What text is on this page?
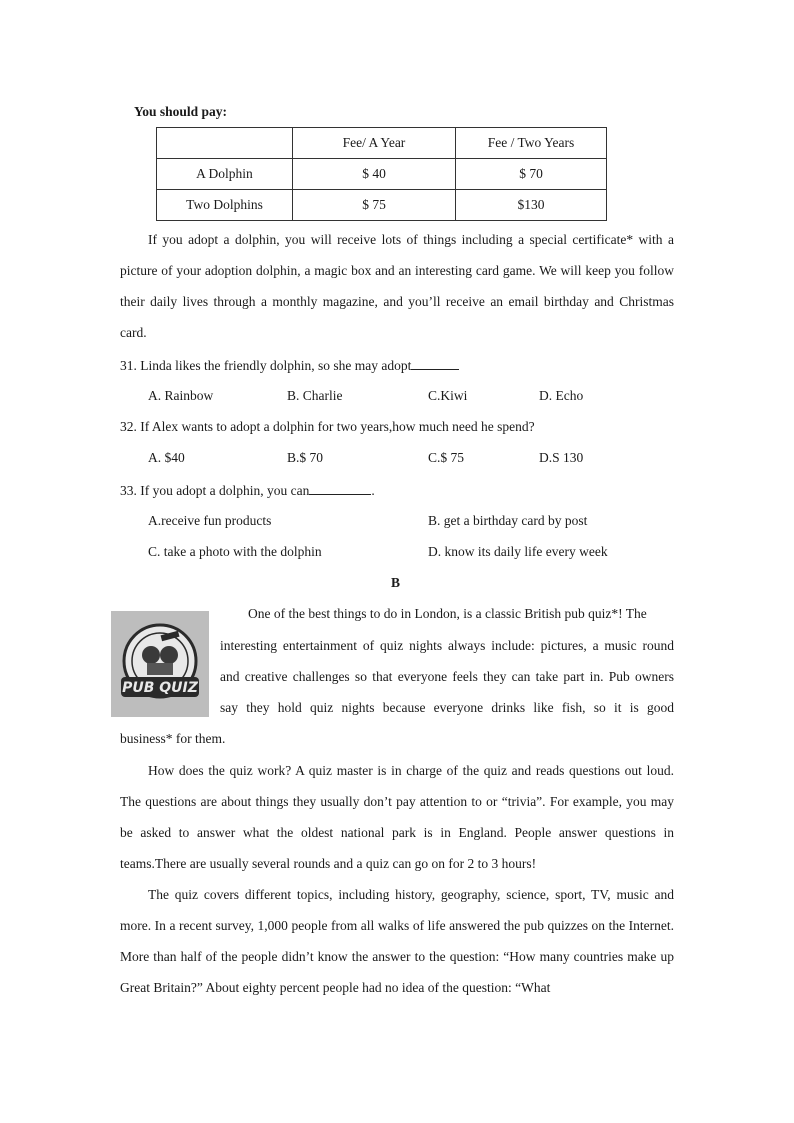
You should pay:
	Fee/ A Year	Fee / Two Years
A Dolphin	$ 40	$ 70
Two Dolphins	$ 75	$130
If you adopt a dolphin, you will receive lots of things including a special certificate* with a picture of your adoption dolphin, a magic box and an interesting card game. We will keep you follow their daily lives through a monthly magazine, and you’ll receive an email birthday and Christmas card.
31. Linda likes the friendly dolphin, so she may adopt
A. Rainbow	B. Charlie	C.Kiwi	D. Echo
32. If Alex wants to adopt a dolphin for two years,how much need he spend?
A. $40	B.$ 70	C.$ 75	D.S 130
33. If you adopt a dolphin, you can	.
A.receive fun products	B. get a birthday card by post
C. take a photo with the dolphin	D. know its daily life every week
B
PUB QUIZ
One of the best things to do in London, is a classic British pub quiz*! The
interesting entertainment of quiz nights always include: pictures, a music round
and creative challenges so that everyone feels they can take part in. Pub owners
say they hold quiz nights because everyone drinks like fish, so it is good
business* for them.
How does the quiz work? A quiz master is in charge of the quiz and reads questions out loud. The questions are about things they usually don’t pay attention to or “trivia”. For example, you may be asked to answer what the oldest national park is in England. People answer questions in teams.There are usually several rounds and a quiz can go on for 2 to 3 hours!
The quiz covers different topics, including history, geography, science, sport, TV, music and more. In a recent survey, 1,000 people from all walks of life answered the pub quizzes on the Internet. More than half of the people didn’t know the answer to the question: “How many countries make up Great Britain?” About eighty percent people had no idea of the question: “What
